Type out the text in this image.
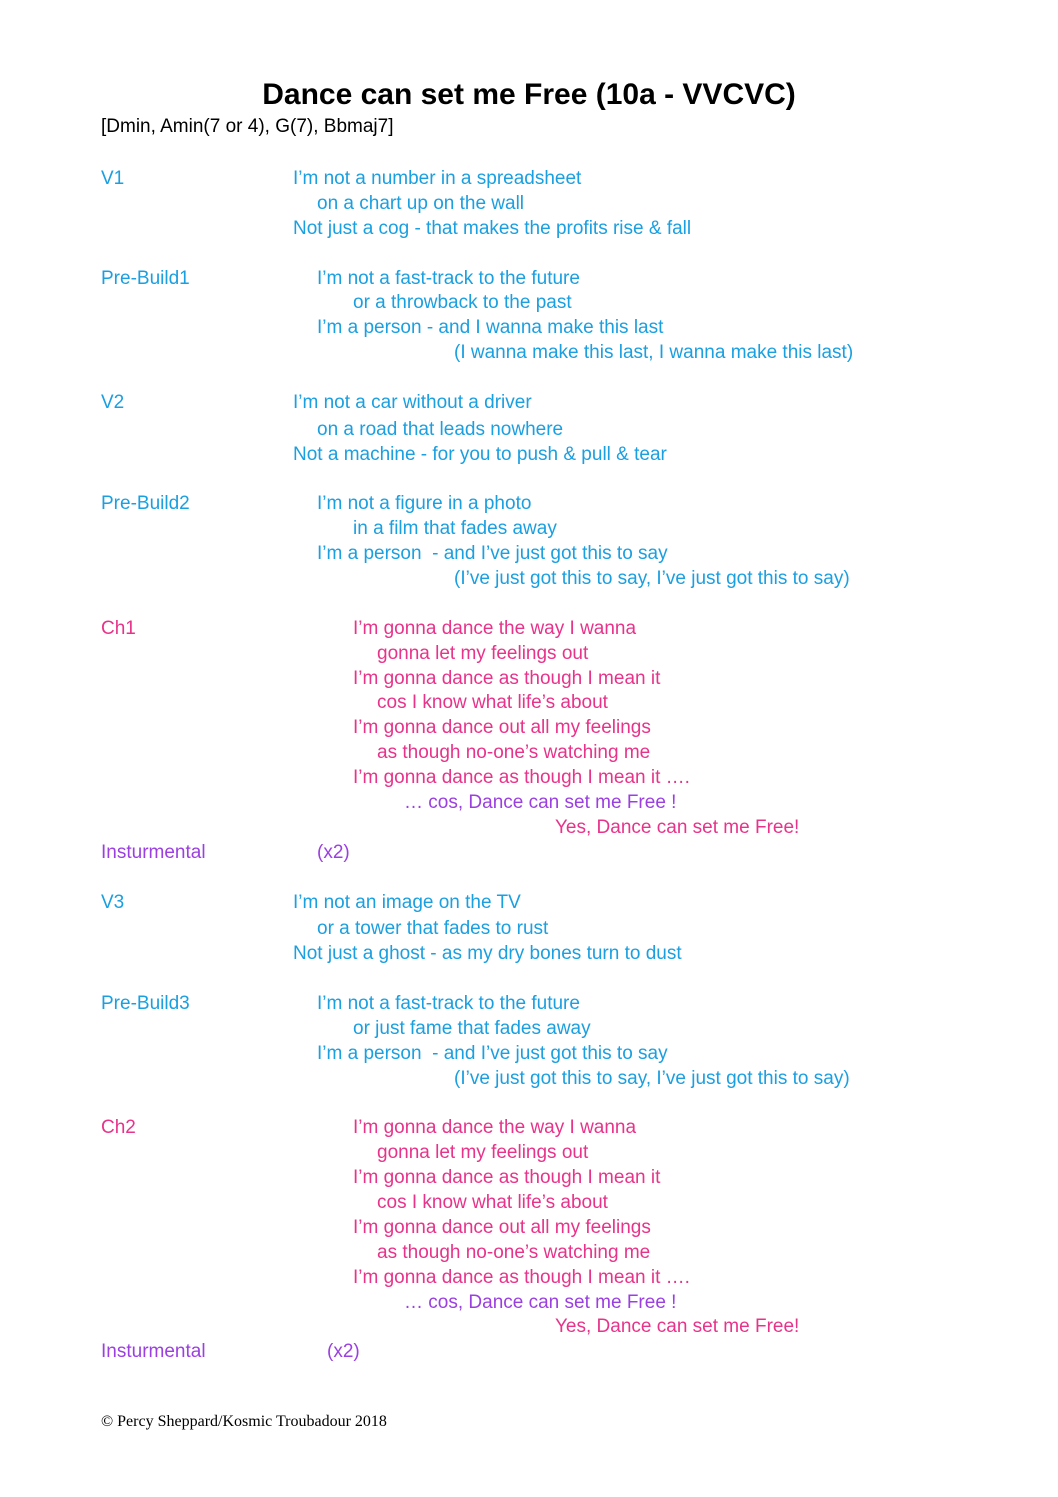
Dance can set me Free (10a - VVCVC)
[Dmin, Amin(7 or 4), G(7), Bbmaj7]
V1	I’m not a number in a spreadsheet
on a chart up on the wall
Not just a cog - that makes the profits rise & fall
Pre-Build1	I’m not a fast-track to the future
or a throwback to the past
I’m a person - and I wanna make this last
(I wanna make this last, I wanna make this last)
V2	I’m not a car without a driver
on a road that leads nowhere
Not a machine - for you to push & pull & tear
Pre-Build2	I’m not a figure in a photo
in a film that fades away
I’m a person  - and I’ve just got this to say
(I’ve just got this to say, I’ve just got this to say)
Ch1	I’m gonna dance the way I wanna
gonna let my feelings out
I’m gonna dance as though I mean it
cos I know what life’s about
I’m gonna dance out all my feelings
as though no-one’s watching me
I’m gonna dance as though I mean it ….
… cos, Dance can set me Free !
Yes, Dance can set me Free!
Insturmental	(x2)
V3	I’m not an image on the TV
or a tower that fades to rust
Not just a ghost - as my dry bones turn to dust
Pre-Build3	I’m not a fast-track to the future
or just fame that fades away
I’m a person  - and I’ve just got this to say
(I’ve just got this to say, I’ve just got this to say)
Ch2	I’m gonna dance the way I wanna
gonna let my feelings out
I’m gonna dance as though I mean it
cos I know what life’s about
I’m gonna dance out all my feelings
as though no-one’s watching me
I’m gonna dance as though I mean it ….
… cos, Dance can set me Free !
Yes, Dance can set me Free!
Insturmental	(x2)
© Percy Sheppard/Kosmic Troubadour 2018
